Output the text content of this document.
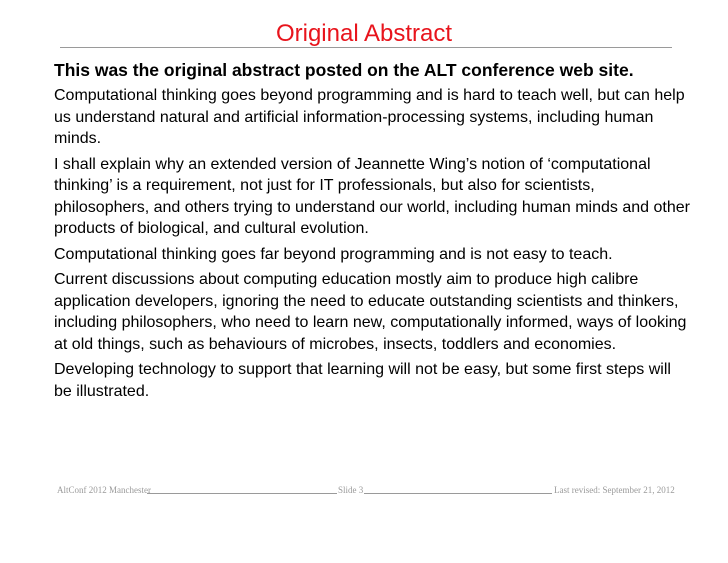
Original Abstract
This was the original abstract posted on the ALT conference web site.

Computational thinking goes beyond programming and is hard to teach well, but can help us understand natural and artificial information-processing systems, including human minds.

I shall explain why an extended version of Jeannette Wing’s notion of ‘computational thinking’ is a requirement, not just for IT professionals, but also for scientists, philosophers, and others trying to understand our world, including human minds and other products of biological, and cultural evolution.

Computational thinking goes far beyond programming and is not easy to teach.

Current discussions about computing education mostly aim to produce high calibre application developers, ignoring the need to educate outstanding scientists and thinkers, including philosophers, who need to learn new, computationally informed, ways of looking at old things, such as behaviours of microbes, insects, toddlers and economies.

Developing technology to support that learning will not be easy, but some first steps will be illustrated.

AltConf 2012 Manchester	Slide 3	Last revised: September 21, 2012
